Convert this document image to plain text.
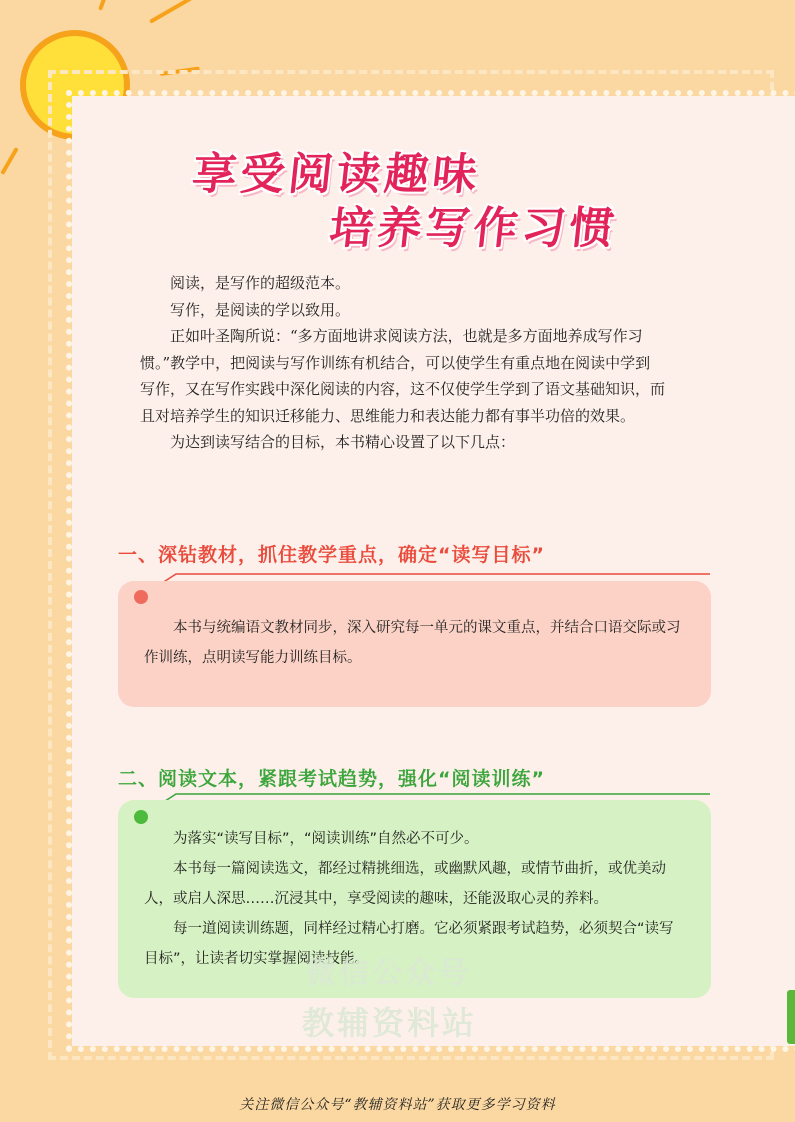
享受阅读趣味
培养写作习惯

阅读，是写作的超级范本。

写作，是阅读的学以致用。

正如叶圣陶所说：“多方面地讲求阅读方法，也就是多方面地养成写作习惯。”教学中，把阅读与写作训练有机结合，可以使学生有重点地在阅读中学到写作，又在写作实践中深化阅读的内容，这不仅使学生学到了语文基础知识，而且对培养学生的知识迁移能力、思维能力和表达能力都有事半功倍的效果。

为达到读写结合的目标，本书精心设置了以下几点：

一、深钻教材，抓住教学重点，确定“读写目标”

本书与统编语文教材同步，深入研究每一单元的课文重点，并结合口语交际或习作训练，点明读写能力训练目标。

二、阅读文本，紧跟考试趋势，强化“阅读训练”

为落实“读写目标”，“阅读训练”自然必不可少。

本书每一篇阅读选文，都经过精挑细选，或幽默风趣，或情节曲折，或优美动人，或启人深思……沉浸其中，享受阅读的趣味，还能汲取心灵的养料。

每一道阅读训练题，同样经过精心打磨。它必须紧跟考试趋势，必须契合“读写目标”，让读者切实掌握阅读技能。

微信公众号
教辅资料站
关注微信公众号“教辅资料站”获取更多学习资料
